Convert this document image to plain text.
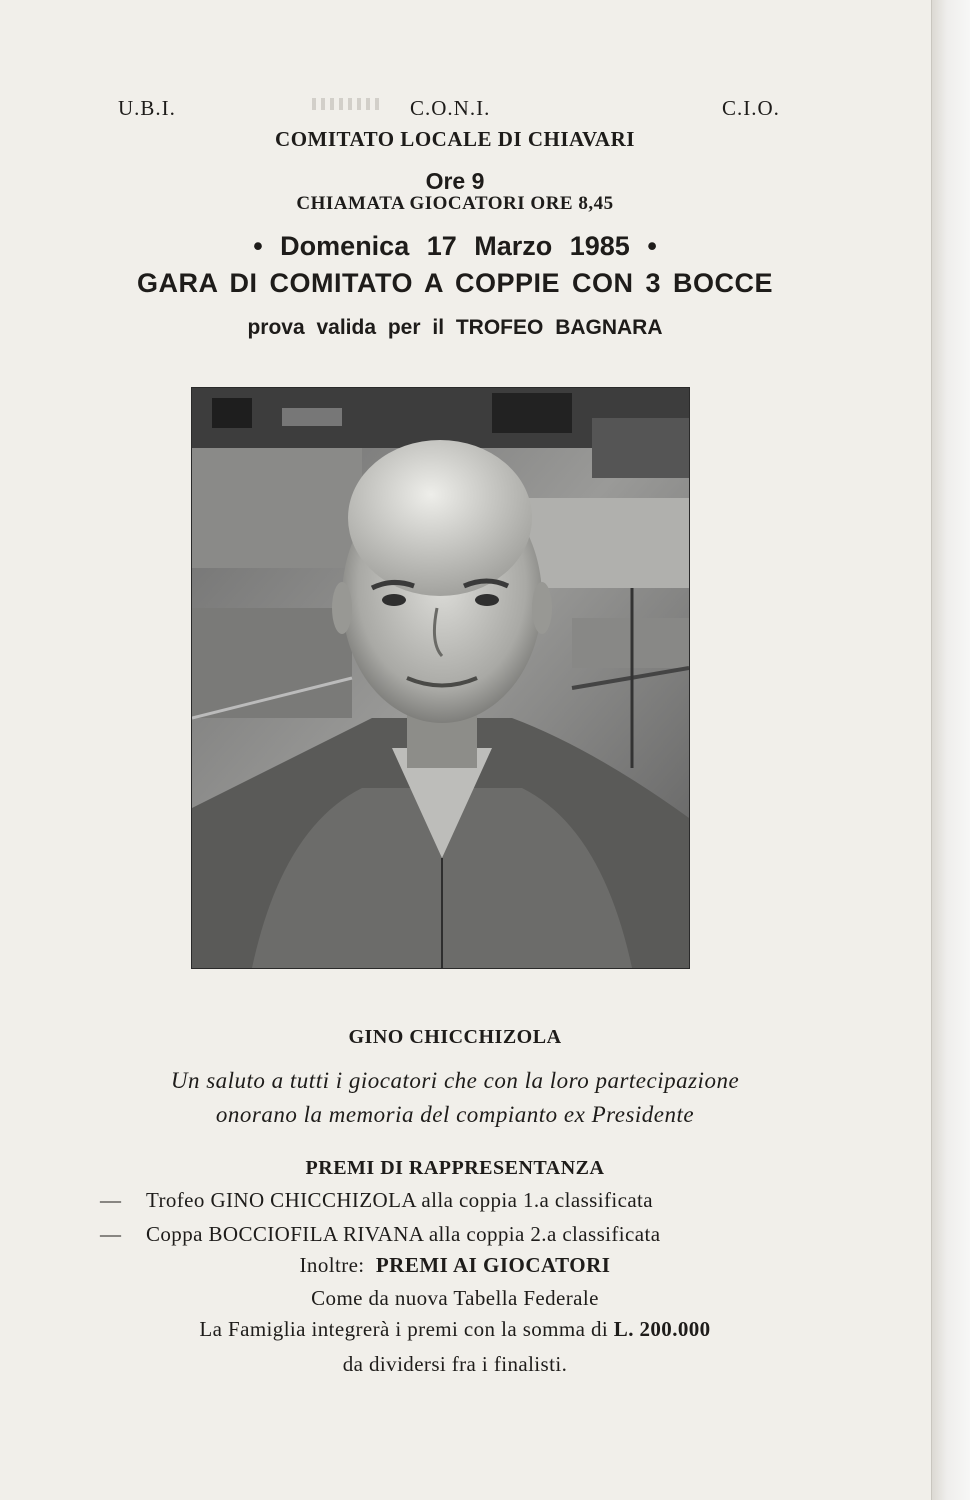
U.B.I.	C.O.N.I.	C.I.O.
COMITATO LOCALE DI CHIAVARI
Ore 9
CHIAMATA GIOCATORI ORE 8,45
• Domenica 17 Marzo 1985 •
GARA DI COMITATO A COPPIE CON 3 BOCCE
prova valida per il TROFEO BAGNARA
GINO CHICCHIZOLA
Un saluto a tutti i giocatori che con la loro partecipazione
onorano la memoria del compianto ex Presidente
PREMI DI RAPPRESENTANZA
— Trofeo GINO CHICCHIZOLA alla coppia 1.a classificata
— Coppa BOCCIOFILA RIVANA alla coppia 2.a classificata
Inoltre: PREMI AI GIOCATORI
Come da nuova Tabella Federale
La Famiglia integrerà i premi con la somma di L. 200.000
da dividersi fra i finalisti.
